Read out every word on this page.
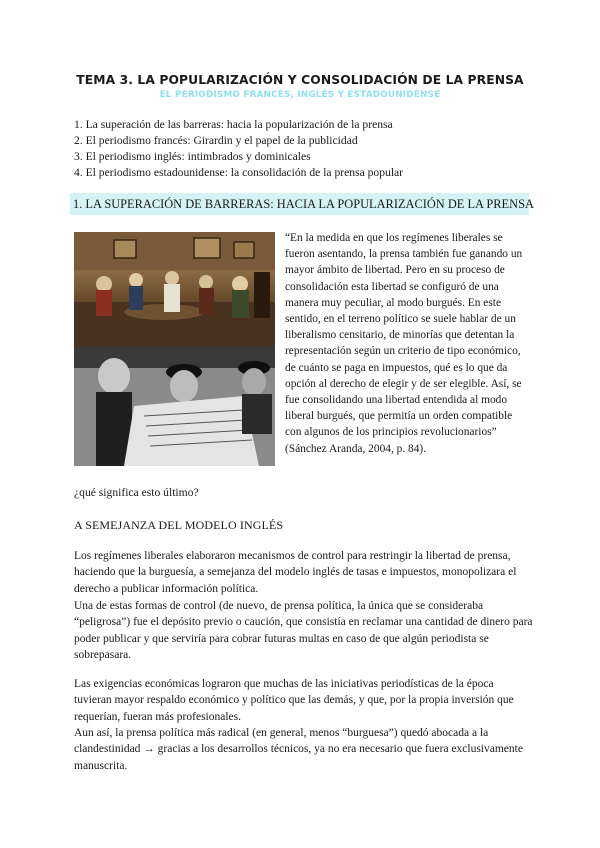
TEMA 3. LA POPULARIZACIÓN Y CONSOLIDACIÓN DE LA PRENSA
EL PERIODISMO FRANCÉS, INGLÉS Y ESTADOUNIDENSE
1. La superación de las barreras: hacia la popularización de la prensa
2. El periodismo francés: Girardin y el papel de la publicidad
3. El periodismo inglés: intimbrados y dominicales
4. El periodismo estadounidense: la consolidación de la prensa popular
1. LA SUPERACIÓN DE BARRERAS: HACIA LA POPULARIZACIÓN DE LA PRENSA
“En la medida en que los regímenes liberales se fueron asentando, la prensa también fue ganando un mayor ámbito de libertad. Pero en su proceso de consolidación esta libertad se configuró de una manera muy peculiar, al modo burgués. En este sentido, en el terreno político se suele hablar de un liberalismo censitario, de minorías que detentan la representación según un criterio de tipo económico, de cuánto se paga en impuestos, qué es lo que da opción al derecho de elegir y de ser elegible. Así, se fue consolidando una libertad entendida al modo liberal burgués, que permitía un orden compatible con algunos de los principios revolucionarios” (Sánchez Aranda, 2004, p. 84).
¿qué significa esto último?
A SEMEJANZA DEL MODELO INGLÉS

Los regímenes liberales elaboraron mecanismos de control para restringir la libertad de prensa, haciendo que la burguesía, a semejanza del modelo inglés de tasas e impuestos, monopolizara el derecho a publicar información política.

Una de estas formas de control (de nuevo, de prensa política, la única que se consideraba “peligrosa”) fue el depósito previo o caución, que consistía en reclamar una cantidad de dinero para poder publicar y que serviría para cobrar futuras multas en caso de que algún periodista se sobrepasara.

Las exigencias económicas lograron que muchas de las iniciativas periodísticas de la época tuvieran mayor respaldo económico y político que las demás, y que, por la propia inversión que requerían, fueran más profesionales.

Aun así, la prensa política más radical (en general, menos “burguesa”) quedó abocada a la clandestinidad → gracias a los desarrollos técnicos, ya no era necesario que fuera exclusivamente manuscrita.
